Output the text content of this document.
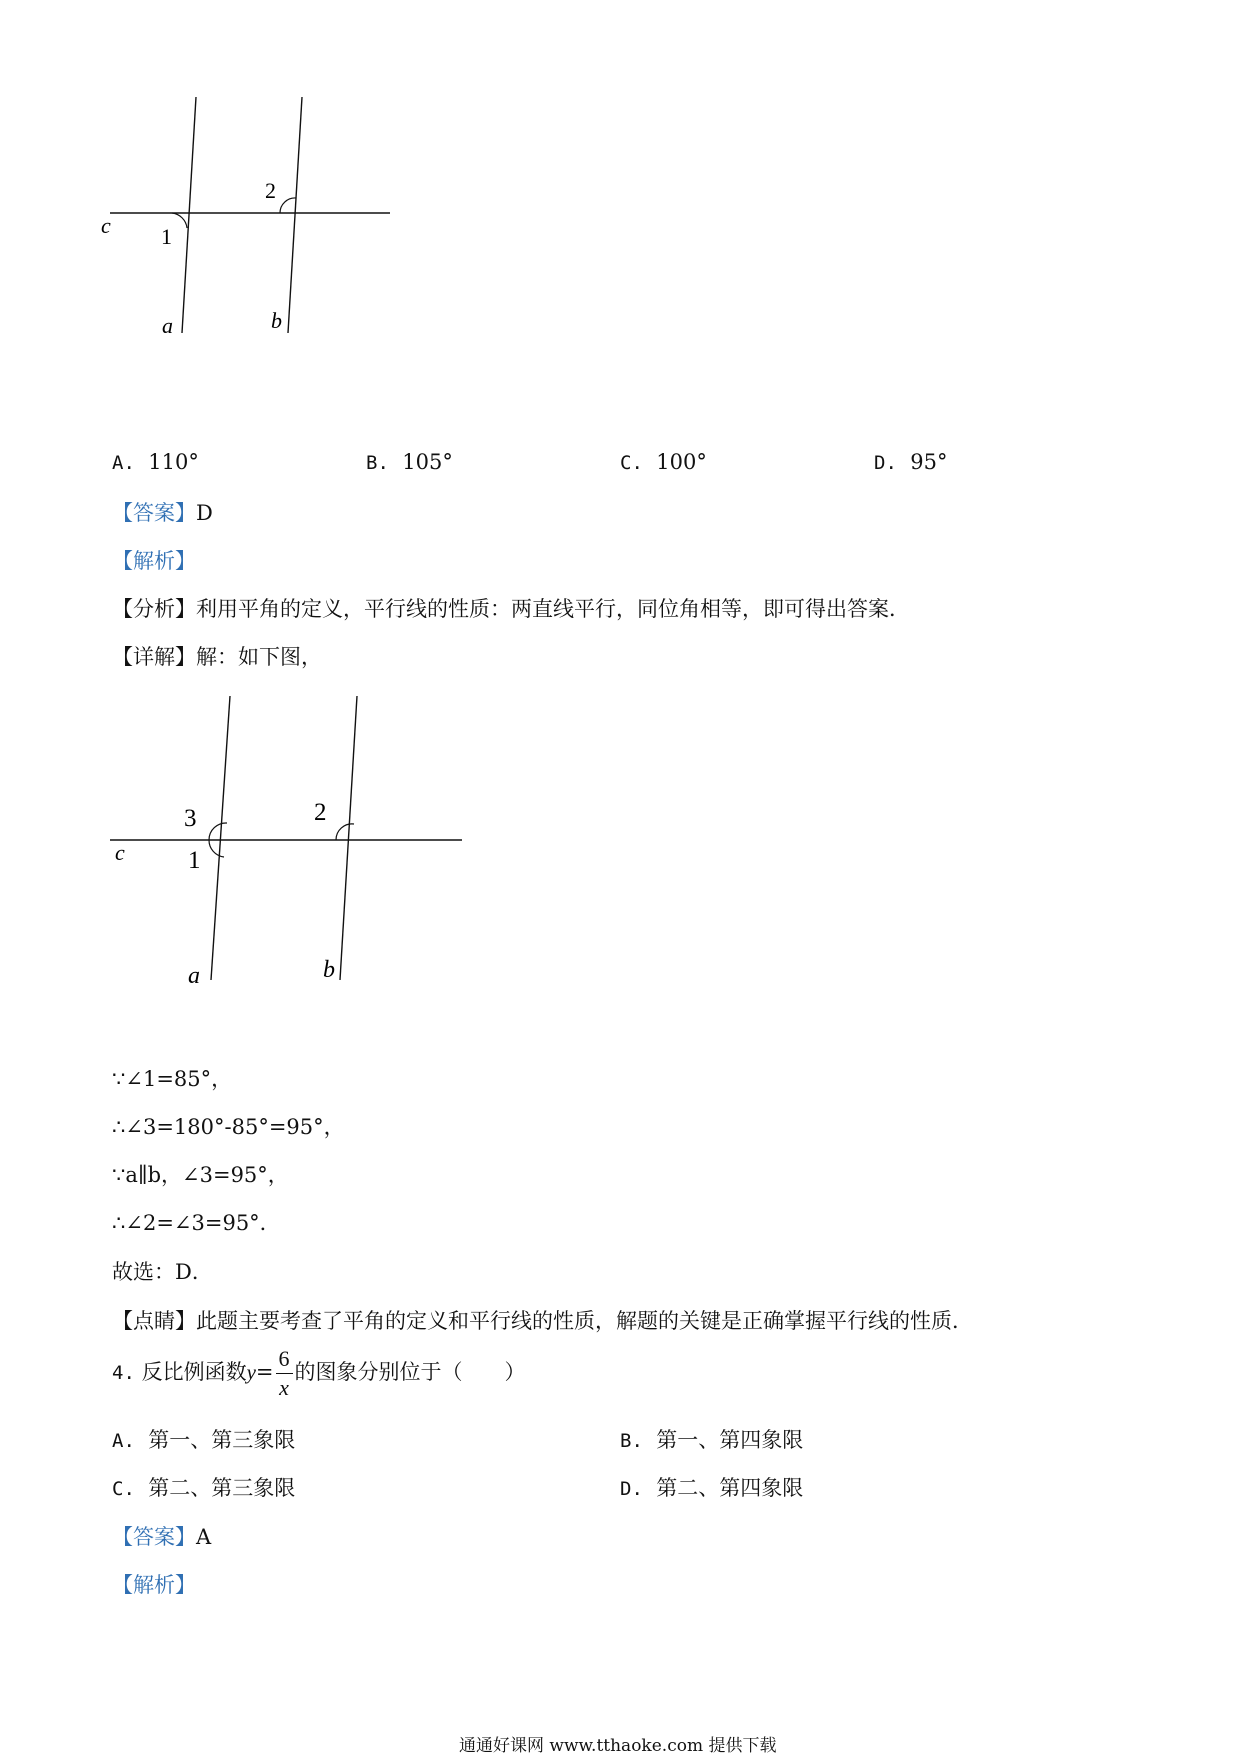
c 1
2
a	b
A. 110°	B. 105°	C. 100°	D. 95°
【答案】D
【解析】
【分析】利用平角的定义，平行线的性质：两直线平行，同位角相等，即可得出答案．
【详解】解：如下图，
c
3
1
2
a	b
∵∠1=85°，
∴∠3=180°-85°=95°，
∵a∥b，∠3=95°，
∴∠2=∠3=95°．
故选：D．
【点睛】此题主要考查了平角的定义和平行线的性质，解题的关键是正确掌握平行线的性质．
4. 反比例函数$y= \frac{6}{x}$ 的图象分别位于（　　）
A. 第一、第三象限	B. 第一、第四象限
C. 第二、第三象限	D. 第二、第四象限
【答案】A
【解析】
通通好课网 www.tthaoke.com 提供下载
